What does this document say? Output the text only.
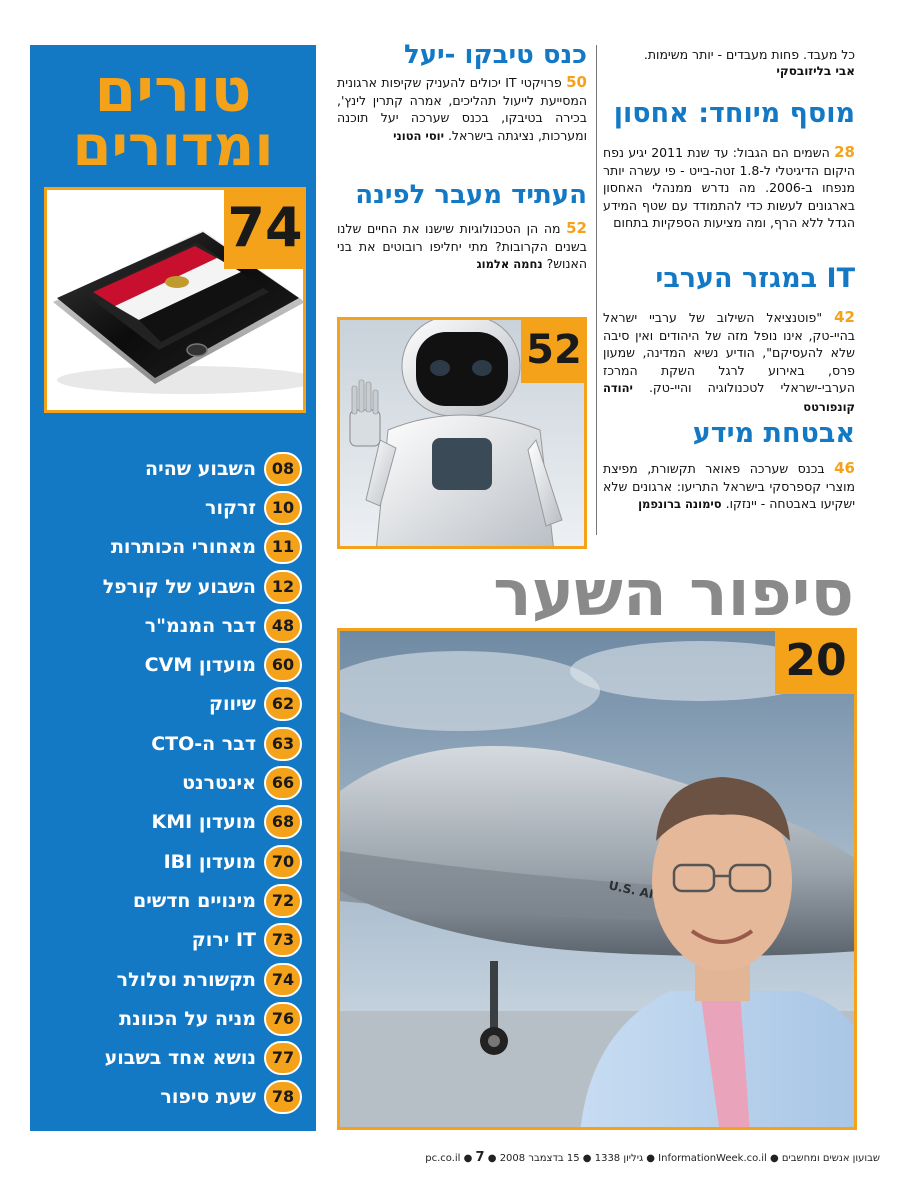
טורים
ומדורים
74
08
השבוע שהיה
10
זרקור
11
מאחורי הכותרות
12
השבוע של קורפל
48
דבר המנמ"ר
60
מועדון CVM
62
שיווק
63
דבר ה-CTO
66
אינטרנט
68
מועדון KMI
70
מועדון IBI
72
מינויים חדשים
73
IT ירוק
74
תקשורת וסלולר
76
מניה על הכוונת
77
נושא אחד בשבוע
78
שעת סיפור
כנס טיבקו -יעל

50 פרויקטי IT יכולים להעניק שקיפות ארגונית המסייעת לייעול תהליכים, אמרה קתרין לינץ', בכירה בטיבקו, בכנס שערכה יעל תוכנה ומערכות, נציגתה בישראל. יוסי הטוני

העתיד מעבר לפינה

52 מה הן הטכנולוגיות שישנו את החיים שלנו בשנים הקרובות? מתי יחליפו רובוטים את בני האנוש? נחמה אלמוג

52

כל מעבד. פחות מעבדים - יותר משימות.

אבי בליזובסקי

מוסף מיוחד: אחסון

28 השמים הם הגבול: עד שנת 2011 יגיע נפח היקום הדיגיטלי ל-1.8 זטה-בייט - פי עשרה יותר מנפחו ב-2006. מה נדרש ממנהלי האחסון בארגונים לעשות כדי להתמודד עם שטף המידע הגדל ללא הרף, ומה מציעות הספקיות בתחום

IT במגזר הערבי

42 "פוטנציאל השילוב של ערביי ישראל בהיי-טק, אינו נופל מזה של היהודים ואין סיבה שלא להעסיקם", הודיע נשיא המדינה, שמעון פרס, באירוע לרגל השקת המרכז הערבי-ישראלי לטכנולוגיה והיי-טק. יהודה קונפורטס

אבטחת מידע

46 בכנס שערכה פאואר תקשורת, מפיצת מוצרי קספרסקי בישראל התריעו: ארגונים שלא ישקיעו באבטחה - יינזקו. סימונה ברונפמן

סיפור השער
U.S. AIR
20
שבועון אנשים ומחשבים ● InformationWeek.co.il ● גיליון 1338 ● 15 בדצמבר 2008 ● pc.co.il ● 7
